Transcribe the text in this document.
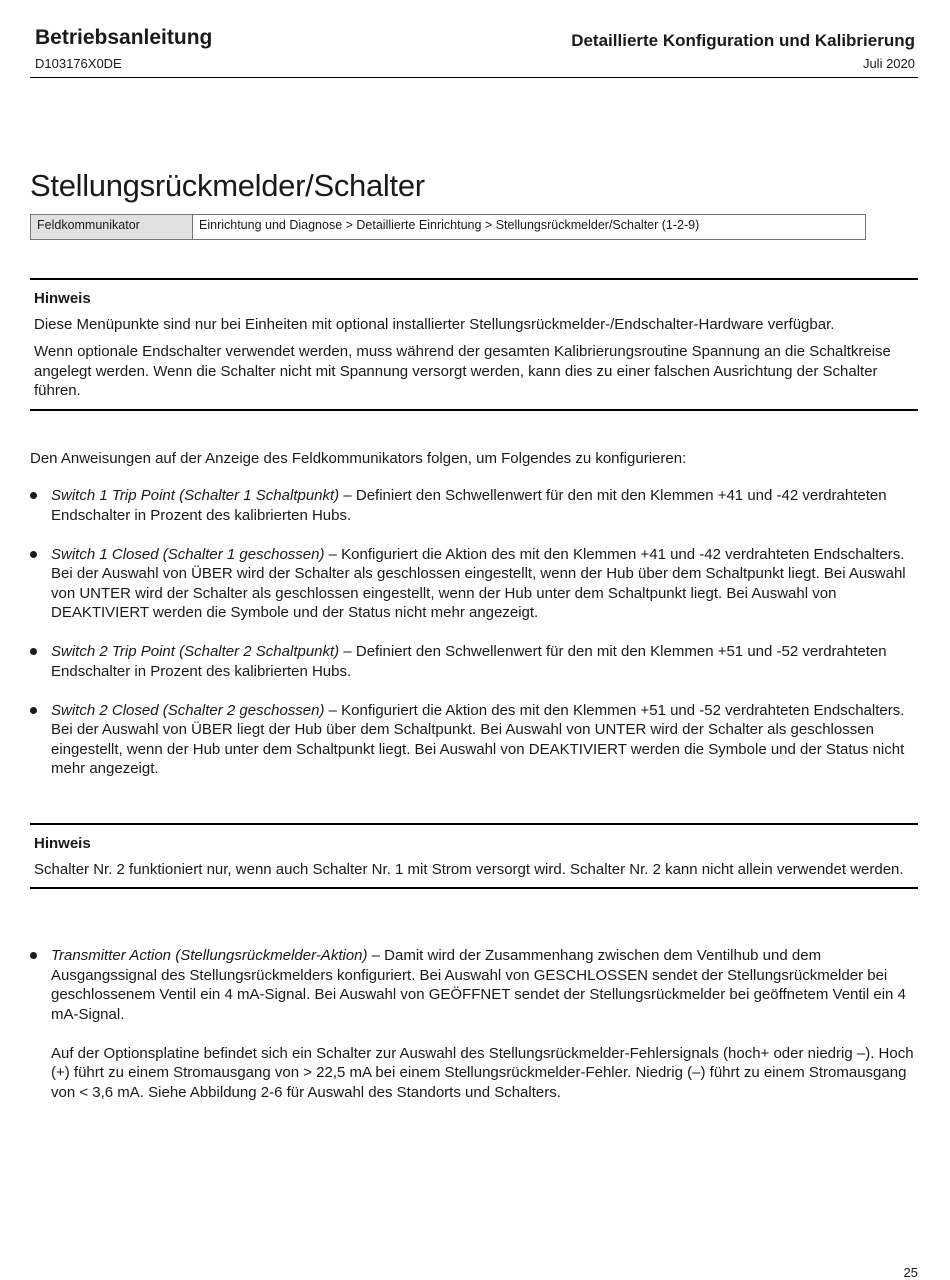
Betriebsanleitung
D103176X0DE
Detaillierte Konfiguration und Kalibrierung
Juli 2020
Stellungsrückmelder/Schalter
Feldkommunikator	Einrichtung und Diagnose > Detaillierte Einrichtung > Stellungsrückmelder/Schalter (1-2-9)
Hinweis

Diese Menüpunkte sind nur bei Einheiten mit optional installierter Stellungsrückmelder-/Endschalter-Hardware verfügbar.

Wenn optionale Endschalter verwendet werden, muss während der gesamten Kalibrierungsroutine Spannung an die Schaltkreise angelegt werden. Wenn die Schalter nicht mit Spannung versorgt werden, kann dies zu einer falschen Ausrichtung der Schalter führen.

Den Anweisungen auf der Anzeige des Feldkommunikators folgen, um Folgendes zu konfigurieren:
Switch 1 Trip Point (Schalter 1 Schaltpunkt) – Definiert den Schwellenwert für den mit den Klemmen +41 und -42 verdrahteten Endschalter in Prozent des kalibrierten Hubs.
Switch 1 Closed (Schalter 1 geschossen) – Konfiguriert die Aktion des mit den Klemmen +41 und -42 verdrahteten Endschalters. Bei der Auswahl von ÜBER wird der Schalter als geschlossen eingestellt, wenn der Hub über dem Schaltpunkt liegt. Bei Auswahl von UNTER wird der Schalter als geschlossen eingestellt, wenn der Hub unter dem Schaltpunkt liegt. Bei Auswahl von DEAKTIVIERT werden die Symbole und der Status nicht mehr angezeigt.
Switch 2 Trip Point (Schalter 2 Schaltpunkt) – Definiert den Schwellenwert für den mit den Klemmen +51 und -52 verdrahteten Endschalter in Prozent des kalibrierten Hubs.
Switch 2 Closed (Schalter 2 geschossen) – Konfiguriert die Aktion des mit den Klemmen +51 und -52 verdrahteten Endschalters. Bei der Auswahl von ÜBER liegt der Hub über dem Schaltpunkt. Bei Auswahl von UNTER wird der Schalter als geschlossen eingestellt, wenn der Hub unter dem Schaltpunkt liegt. Bei Auswahl von DEAKTIVIERT werden die Symbole und der Status nicht mehr angezeigt.
Hinweis

Schalter Nr. 2 funktioniert nur, wenn auch Schalter Nr. 1 mit Strom versorgt wird. Schalter Nr. 2 kann nicht allein verwendet werden.

Transmitter Action (Stellungsrückmelder-Aktion) – Damit wird der Zusammenhang zwischen dem Ventilhub und dem Ausgangssignal des Stellungsrückmelders konfiguriert. Bei Auswahl von GESCHLOSSEN sendet der Stellungsrückmelder bei geschlossenem Ventil ein 4 mA-Signal. Bei Auswahl von GEÖFFNET sendet der Stellungsrückmelder bei geöffnetem Ventil ein 4 mA-Signal.
Auf der Optionsplatine befindet sich ein Schalter zur Auswahl des Stellungsrückmelder-Fehlersignals (hoch+ oder niedrig –). Hoch (+) führt zu einem Stromausgang von > 22,5 mA bei einem Stellungsrückmelder-Fehler. Niedrig (–) führt zu einem Stromausgang von < 3,6 mA. Siehe Abbildung 2-6 für Auswahl des Standorts und Schalters.
25
